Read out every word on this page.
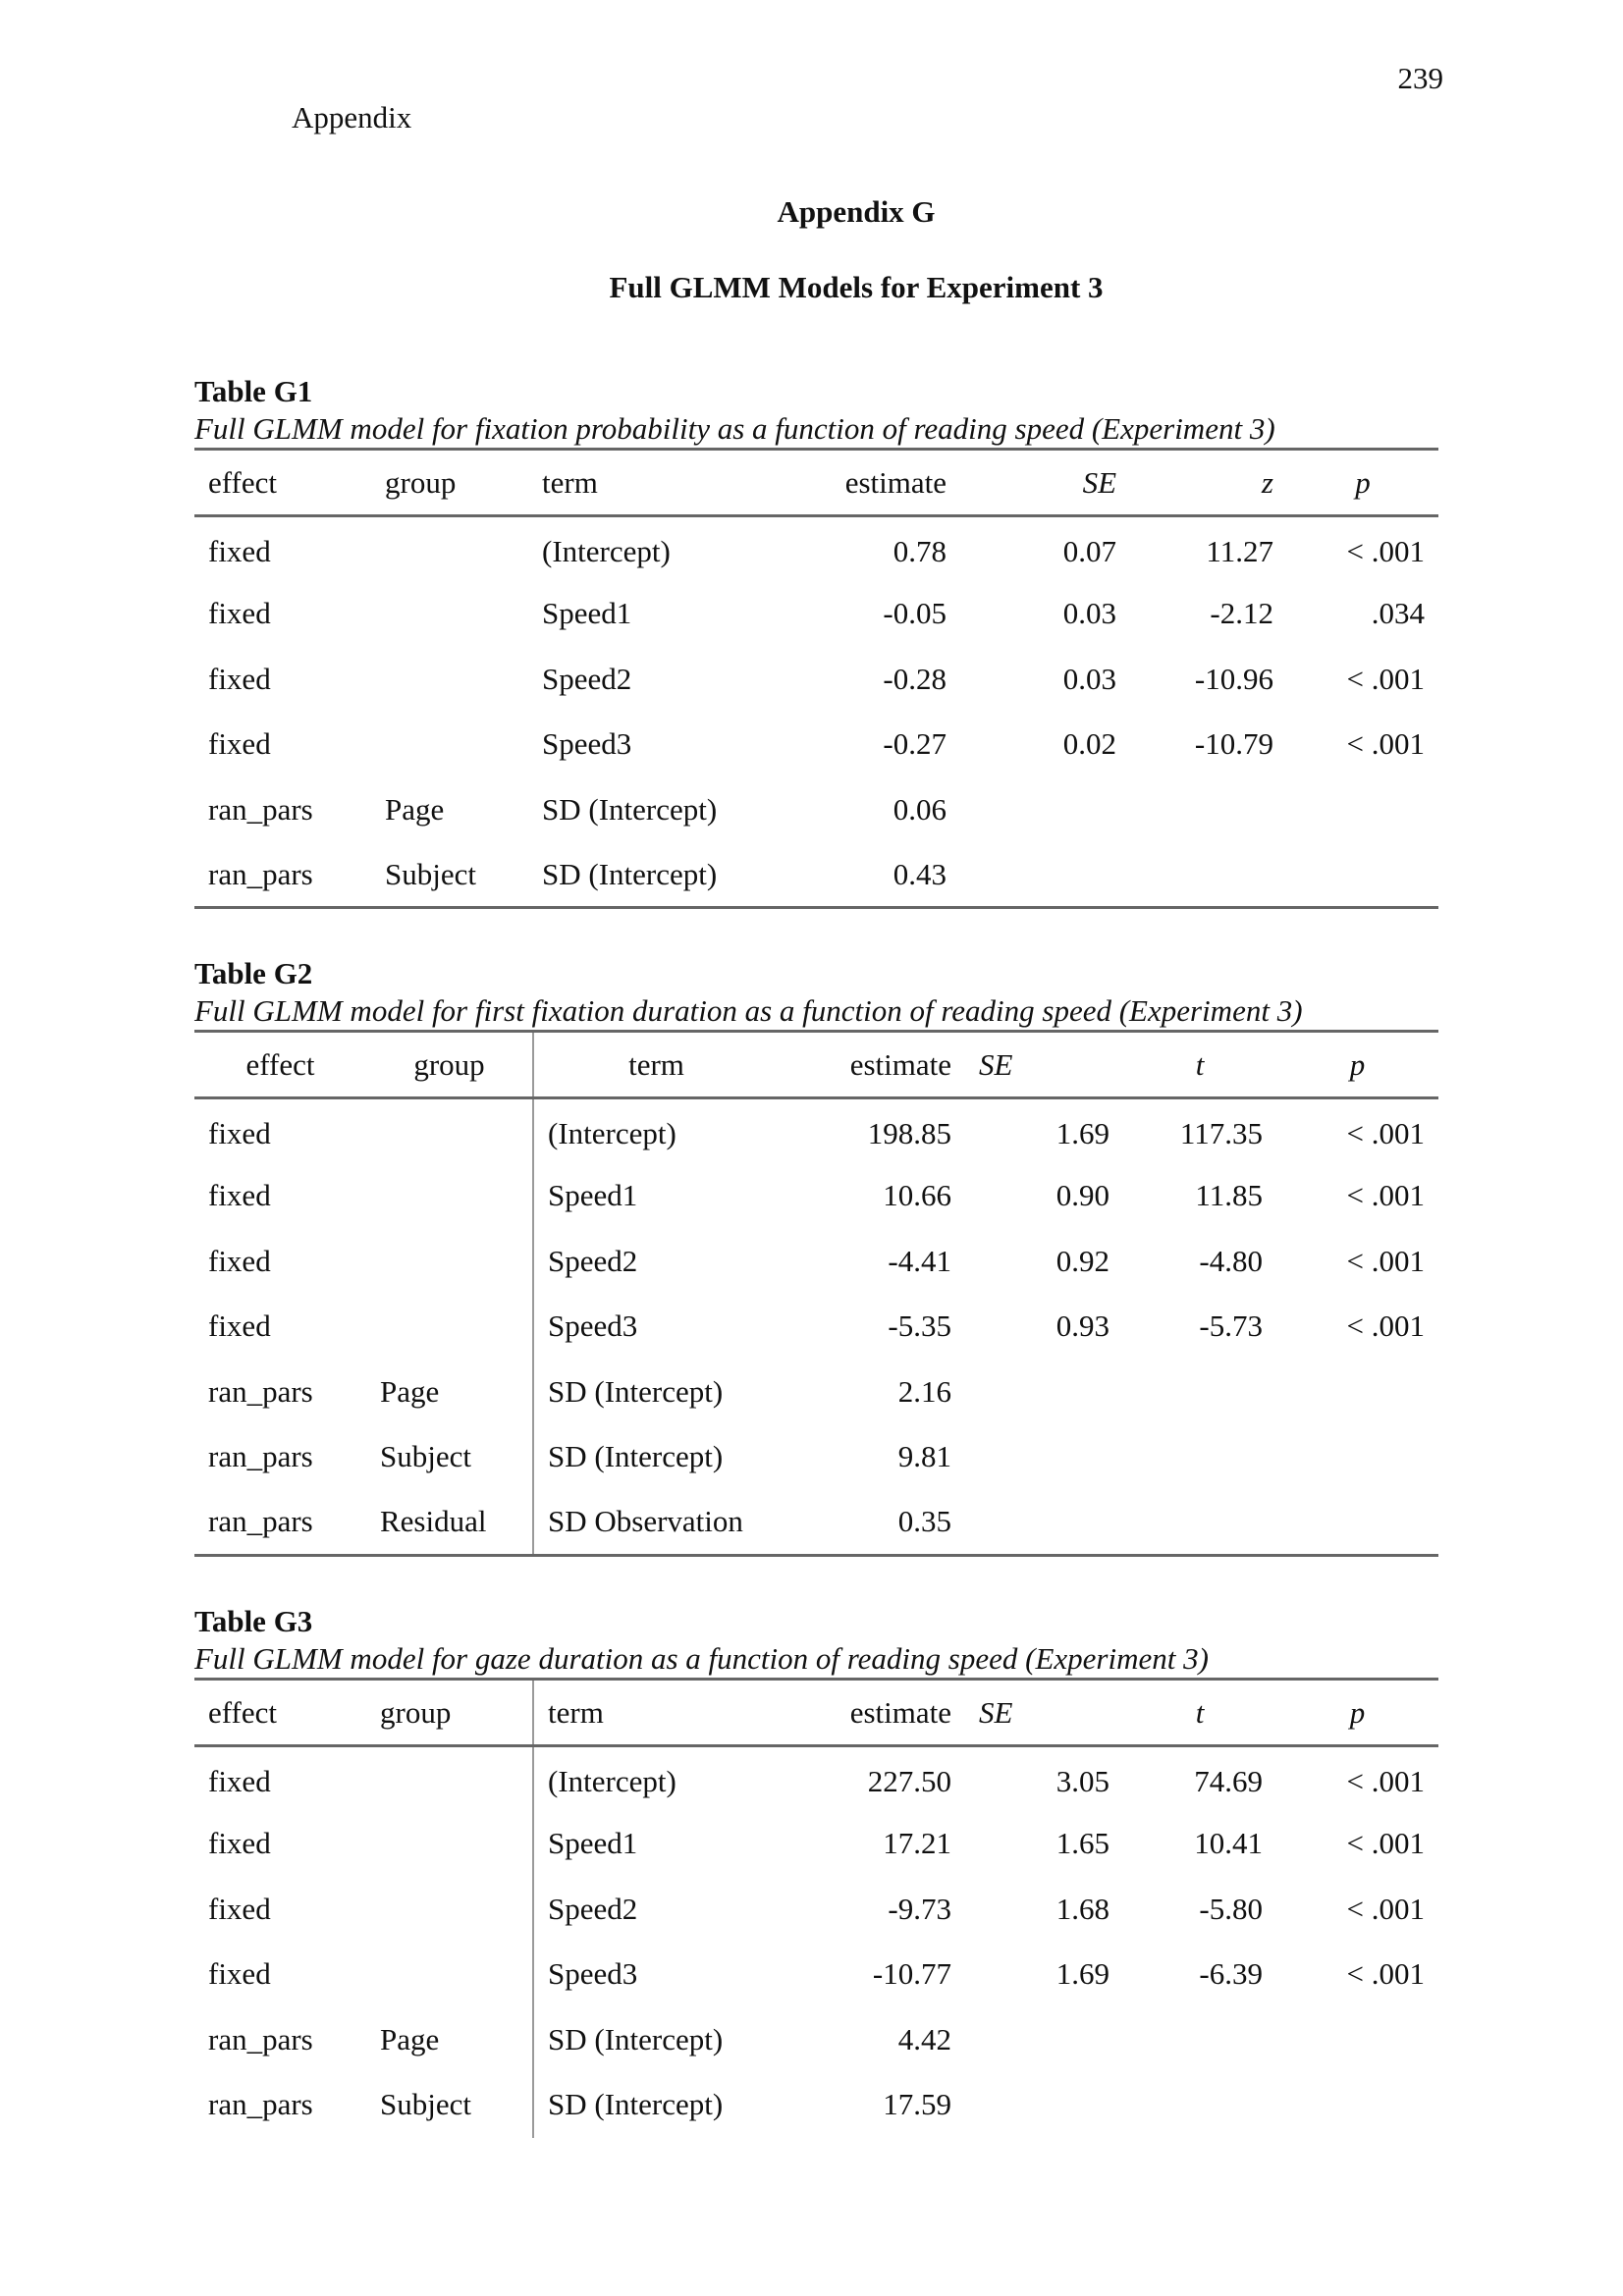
239
Appendix
Appendix G
Full GLMM Models for Experiment 3
Table G1
Full GLMM model for fixation probability as a function of reading speed (Experiment 3)
effect	group	term	estimate	SE	z	p
fixed		(Intercept)	0.78	0.07	11.27	< .001
fixed		Speed1	-0.05	0.03	-2.12	.034
fixed		Speed2	-0.28	0.03	-10.96	< .001
fixed		Speed3	-0.27	0.02	-10.79	< .001
ran_pars	Page	SD (Intercept)	0.06			
ran_pars	Subject	SD (Intercept)	0.43			
Table G2
Full GLMM model for first fixation duration as a function of reading speed (Experiment 3)
effect	group	term	estimate	SE	t	p
fixed		(Intercept)	198.85	1.69	117.35	< .001
fixed		Speed1	10.66	0.90	11.85	< .001
fixed		Speed2	-4.41	0.92	-4.80	< .001
fixed		Speed3	-5.35	0.93	-5.73	< .001
ran_pars	Page	SD (Intercept)	2.16			
ran_pars	Subject	SD (Intercept)	9.81			
ran_pars	Residual	SD Observation	0.35			
Table G3
Full GLMM model for gaze duration as a function of reading speed (Experiment 3)
effect	group	term	estimate	SE	t	p
fixed		(Intercept)	227.50	3.05	74.69	< .001
fixed		Speed1	17.21	1.65	10.41	< .001
fixed		Speed2	-9.73	1.68	-5.80	< .001
fixed		Speed3	-10.77	1.69	-6.39	< .001
ran_pars	Page	SD (Intercept)	4.42			
ran_pars	Subject	SD (Intercept)	17.59			
